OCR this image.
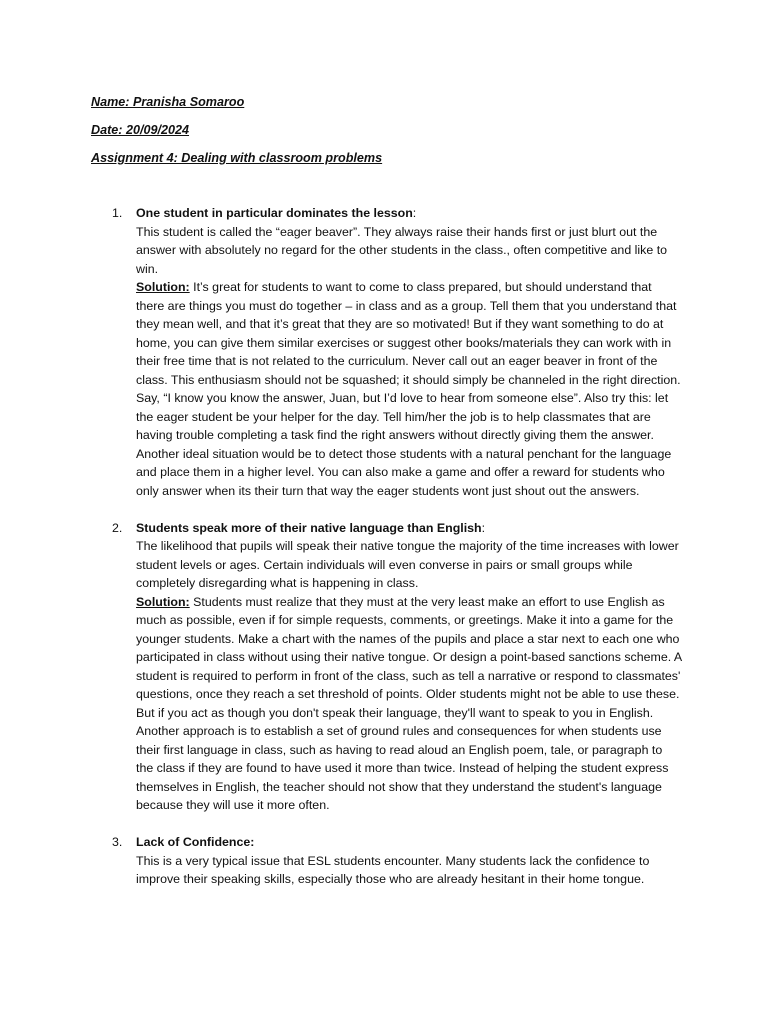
Name: Pranisha Somaroo

Date: 20/09/2024

Assignment 4: Dealing with classroom problems

1. One student in particular dominates the lesson:

This student is called the “eager beaver”. They always raise their hands first or just blurt out the answer with absolutely no regard for the other students in the class., often competitive and like to win.

Solution: It’s great for students to want to come to class prepared, but should understand that there are things you must do together – in class and as a group. Tell them that you understand that they mean well, and that it’s great that they are so motivated! But if they want something to do at home, you can give them similar exercises or suggest other books/materials they can work with in their free time that is not related to the curriculum. Never call out an eager beaver in front of the class. This enthusiasm should not be squashed; it should simply be channeled in the right direction. Say, “I know you know the answer, Juan, but I’d love to hear from someone else”. Also try this: let the eager student be your helper for the day. Tell him/her the job is to help classmates that are having trouble completing a task find the right answers without directly giving them the answer. Another ideal situation would be to detect those students with a natural penchant for the language and place them in a higher level. You can also make a game and offer a reward for students who only answer when its their turn that way the eager students wont just shout out the answers.

2. Students speak more of their native language than English:

The likelihood that pupils will speak their native tongue the majority of the time increases with lower student levels or ages. Certain individuals will even converse in pairs or small groups while completely disregarding what is happening in class.

Solution: Students must realize that they must at the very least make an effort to use English as much as possible, even if for simple requests, comments, or greetings. Make it into a game for the younger students. Make a chart with the names of the pupils and place a star next to each one who participated in class without using their native tongue. Or design a point-based sanctions scheme. A student is required to perform in front of the class, such as tell a narrative or respond to classmates' questions, once they reach a set threshold of points. Older students might not be able to use these. But if you act as though you don't speak their language, they'll want to speak to you in English. Another approach is to establish a set of ground rules and consequences for when students use their first language in class, such as having to read aloud an English poem, tale, or paragraph to the class if they are found to have used it more than twice. Instead of helping the student express themselves in English, the teacher should not show that they understand the student's language because they will use it more often.

3. Lack of Confidence:

This is a very typical issue that ESL students encounter. Many students lack the confidence to improve their speaking skills, especially those who are already hesitant in their home tongue.
